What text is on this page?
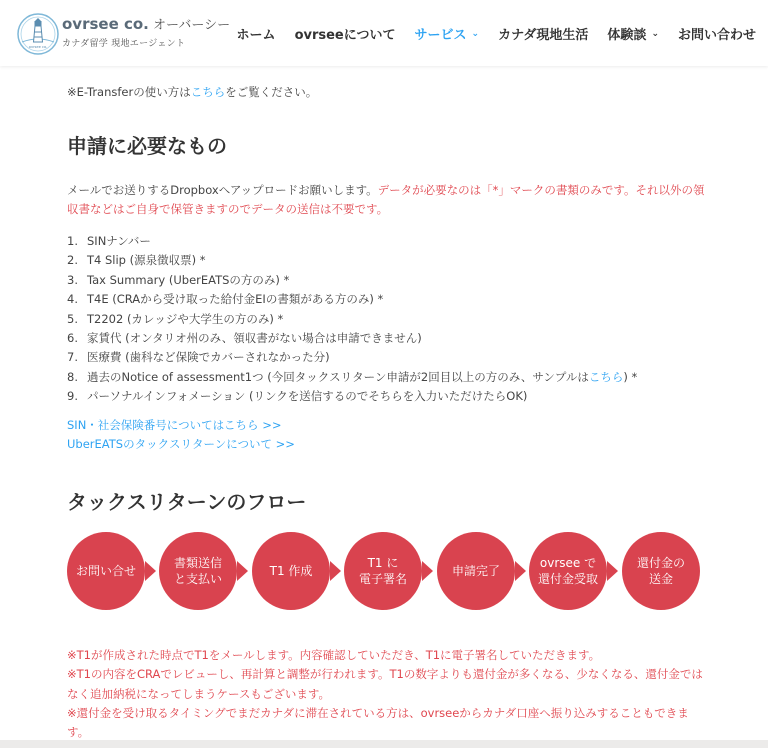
ovrsee co.
ovrsee co. オーバーシー
カナダ留学 現地エージェント
ホーム ovrseeについて サービス ⌄ カナダ現地生活 体験談 ⌄ お問い合わせ
※E-Transferの使い方はこちらをご覧ください。
申請に必要なもの
メールでお送りするDropboxへアップロードお願いします。データが必要なのは「*」マークの書類のみです。それ以外の領収書などはご自身で保管きますのでデータの送信は不要です。
1. SINナンバー
2. T4 Slip (源泉徴収票) *
3. Tax Summary (UberEATSの方のみ) *
4. T4E (CRAから受け取った給付金EIの書類がある方のみ) *
5. T2202 (カレッジや大学生の方のみ) *
6. 家賃代 (オンタリオ州のみ、領収書がない場合は申請できません)
7. 医療費 (歯科など保険でカバーされなかった分)
8. 過去のNotice of assessment1つ (今回タックスリターン申請が2回目以上の方のみ、サンプルはこちら) *
9. パーソナルインフォメーション (リンクを送信するのでそちらを入力いただけたらOK)
SIN・社会保険番号についてはこちら >>
UberEATSのタックスリターンについて >>
タックスリターンのフロー
お問い合せ
書類送信
と支払い
T1 作成
T1 に
電子署名
申請完了
ovrsee で
還付金受取
還付金の
送金
※T1が作成された時点でT1をメールします。内容確認していただき、T1に電子署名していただきます。
※T1の内容をCRAでレビューし、再計算と調整が行われます。T1の数字よりも還付金が多くなる、少なくなる、還付金ではなく追加納税になってしまうケースもございます。
※還付金を受け取るタイミングでまだカナダに滞在されている方は、ovrseeからカナダ口座へ振り込みすることもできます。
